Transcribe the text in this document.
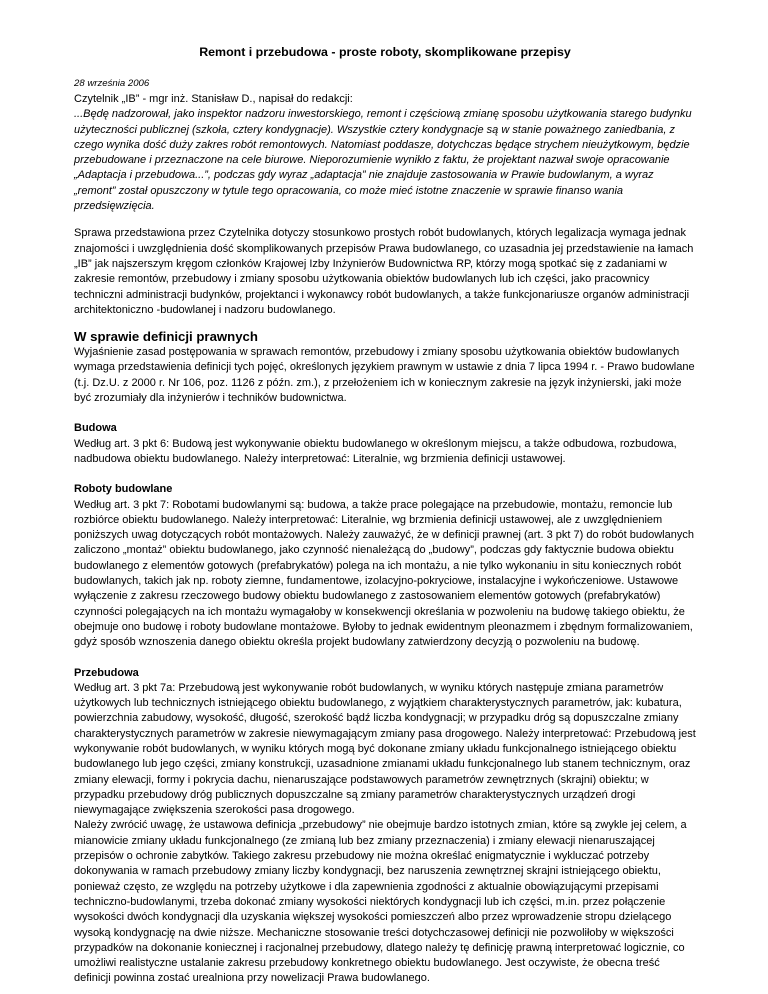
Remont i przebudowa - proste roboty, skomplikowane przepisy
28 września 2006
Czytelnik „IB” - mgr inż. Stanisław D., napisał do redakcji:
...Będę nadzorował, jako inspektor nadzoru inwestorskiego, remont i częściową zmianę sposobu użytkowania starego budynku użyteczności publicznej (szkoła, cztery kondygnacje). Wszystkie cztery kondygnacje są w stanie poważnego zaniedbania, z czego wynika dość duży zakres robót remontowych. Natomiast poddasze, dotychczas będące strychem nieużytkowym, będzie przebudowane i przeznaczone na cele biurowe. Nieporozumienie wynikło z faktu, że projektant nazwał swoje opracowanie „Adaptacja i przebudowa...”, podczas gdy wyraz „adaptacja” nie znajduje zastosowania w Prawie budowlanym, a wyraz „remont” został opuszczony w tytule tego opracowania, co może mieć istotne znaczenie w sprawie finanso wania przedsięwzięcia.

Sprawa przedstawiona przez Czytelnika dotyczy stosunkowo prostych robót budowlanych, których legalizacja wymaga jednak znajomości i uwzględnienia dość skomplikowanych przepisów Prawa budowlanego, co uzasadnia jej przedstawienie na łamach „IB” jak najszerszym kręgom członków Krajowej Izby Inżynierów Budownictwa RP, którzy mogą spotkać się z zadaniami w zakresie remontów, przebudowy i zmiany sposobu użytkowania obiektów budowlanych lub ich części, jako pracownicy techniczni administracji budynków, projektanci i wykonawcy robót budowlanych, a także funkcjonariusze organów administracji architektoniczno -budowlanej i nadzoru budowlanego.

W sprawie definicji prawnych

Wyjaśnienie zasad postępowania w sprawach remontów, przebudowy i zmiany sposobu użytkowania obiektów budowlanych wymaga przedstawienia definicji tych pojęć, określonych językiem prawnym w ustawie z dnia 7 lipca 1994 r. - Prawo budowlane (t.j. Dz.U. z 2000 r. Nr 106, poz. 1126 z późn. zm.), z przełożeniem ich w koniecznym zakresie na język inżynierski, jaki może być zrozumiały dla inżynierów i techników budownictwa.

Budowa
Według art. 3 pkt 6: Budową jest wykonywanie obiektu budowlanego w określonym miejscu, a także odbudowa, rozbudowa, nadbudowa obiektu budowlanego. Należy interpretować: Literalnie, wg brzmienia definicji ustawowej.
Roboty budowlane
Według art. 3 pkt 7: Robotami budowlanymi są: budowa, a także prace polegające na przebudowie, montażu, remoncie lub rozbiórce obiektu budowlanego. Należy interpretować: Literalnie, wg brzmienia definicji ustawowej, ale z uwzględnieniem poniższych uwag dotyczących robót montażowych. Należy zauważyć, że w definicji prawnej (art. 3 pkt 7) do robót budowlanych zaliczono „montaż” obiektu budowlanego, jako czynność nienależącą do „budowy”, podczas gdy faktycznie budowa obiektu budowlanego z elementów gotowych (prefabrykatów) polega na ich montażu, a nie tylko wykonaniu in situ koniecznych robót budowlanych, takich jak np. roboty ziemne, fundamentowe, izolacyjno-pokryciowe, instalacyjne i wykończeniowe. Ustawowe wyłączenie z zakresu rzeczowego budowy obiektu budowlanego z zastosowaniem elementów gotowych (prefabrykatów) czynności polegających na ich montażu wymagałoby w konsekwencji określania w pozwoleniu na budowę takiego obiektu, że obejmuje ono budowę i roboty budowlane montażowe. Byłoby to jednak ewidentnym pleonazmem i zbędnym formalizowaniem, gdyż sposób wznoszenia danego obiektu określa projekt budowlany zatwierdzony decyzją o pozwoleniu na budowę.
Przebudowa
Według art. 3 pkt 7a: Przebudową jest wykonywanie robót budowlanych, w wyniku których następuje zmiana parametrów użytkowych lub technicznych istniejącego obiektu budowlanego, z wyjątkiem charakterystycznych parametrów, jak: kubatura, powierzchnia zabudowy, wysokość, długość, szerokość bądź liczba kondygnacji; w przypadku dróg są dopuszczalne zmiany charakterystycznych parametrów w zakresie niewymagającym zmiany pasa drogowego. Należy interpretować: Przebudową jest wykonywanie robót budowlanych, w wyniku których mogą być dokonane zmiany układu funkcjonalnego istniejącego obiektu budowlanego lub jego części, zmiany konstrukcji, uzasadnione zmianami układu funkcjonalnego lub stanem technicznym, oraz zmiany elewacji, formy i pokrycia dachu, nienaruszające podstawowych parametrów zewnętrznych (skrajni) obiektu; w przypadku przebudowy dróg publicznych dopuszczalne są zmiany parametrów charakterystycznych urządzeń drogi niewymagające zwiększenia szerokości pasa drogowego.
Należy zwrócić uwagę, że ustawowa definicja „przebudowy” nie obejmuje bardzo istotnych zmian, które są zwykle jej celem, a mianowicie zmiany układu funkcjonalnego (ze zmianą lub bez zmiany przeznaczenia) i zmiany elewacji nienaruszającej przepisów o ochronie zabytków. Takiego zakresu przebudowy nie można określać enigmatycznie i wykluczać potrzeby dokonywania w ramach przebudowy zmiany liczby kondygnacji, bez naruszenia zewnętrznej skrajni istniejącego obiektu, ponieważ często, ze względu na potrzeby użytkowe i dla zapewnienia zgodności z aktualnie obowiązującymi przepisami techniczno-budowlanymi, trzeba dokonać zmiany wysokości niektórych kondygnacji lub ich części, m.in. przez połączenie wysokości dwóch kondygnacji dla uzyskania większej wysokości pomieszczeń albo przez wprowadzenie stropu dzielącego wysoką kondygnację na dwie niższe. Mechaniczne stosowanie treści dotychczasowej definicji nie pozwoliłoby w większości przypadków na dokonanie koniecznej i racjonalnej przebudowy, dlatego należy tę definicję prawną interpretować logicznie, co umożliwi realistyczne ustalanie zakresu przebudowy konkretnego obiektu budowlanego. Jest oczywiste, że obecna treść definicji powinna zostać urealniona przy nowelizacji Prawa budowlanego.
